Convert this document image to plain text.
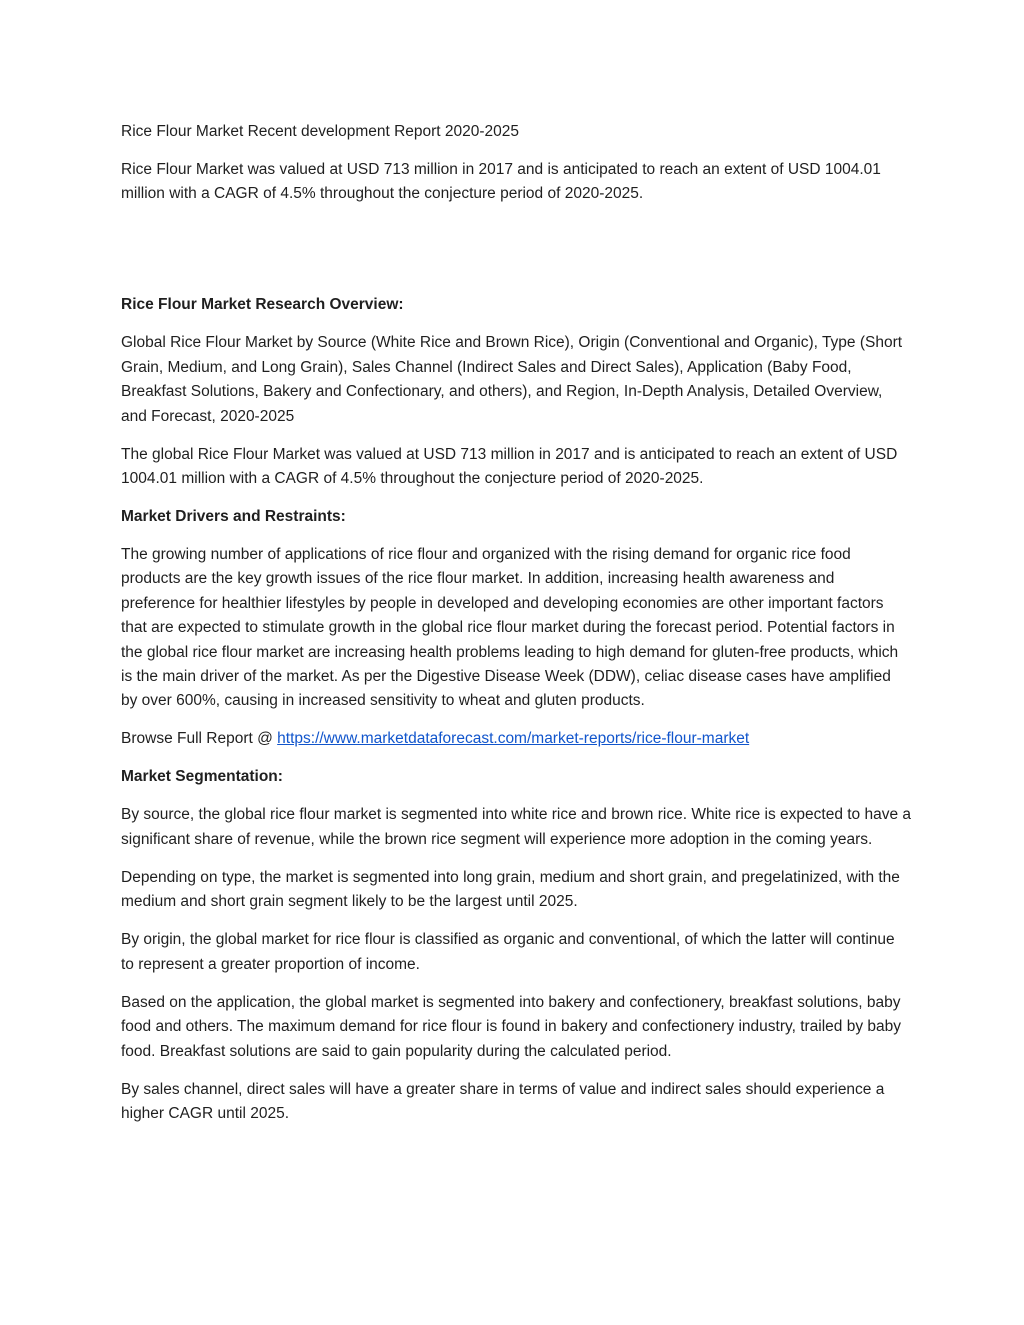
Rice Flour Market Recent development Report 2020-2025

Rice Flour Market was valued at USD 713 million in 2017 and is anticipated to reach an extent of USD 1004.01 million with a CAGR of 4.5% throughout the conjecture period of 2020-2025.

Rice Flour Market Research Overview:

Global Rice Flour Market by Source (White Rice and Brown Rice), Origin (Conventional and Organic), Type (Short Grain, Medium, and Long Grain), Sales Channel (Indirect Sales and Direct Sales), Application (Baby Food, Breakfast Solutions, Bakery and Confectionary, and others), and Region, In-Depth Analysis, Detailed Overview, and Forecast, 2020-2025

The global Rice Flour Market was valued at USD 713 million in 2017 and is anticipated to reach an extent of USD 1004.01 million with a CAGR of 4.5% throughout the conjecture period of 2020-2025.

Market Drivers and Restraints:

The growing number of applications of rice flour and organized with the rising demand for organic rice food products are the key growth issues of the rice flour market. In addition, increasing health awareness and preference for healthier lifestyles by people in developed and developing economies are other important factors that are expected to stimulate growth in the global rice flour market during the forecast period. Potential factors in the global rice flour market are increasing health problems leading to high demand for gluten-free products, which is the main driver of the market. As per the Digestive Disease Week (DDW), celiac disease cases have amplified by over 600%, causing in increased sensitivity to wheat and gluten products.

Browse Full Report @ https://www.marketdataforecast.com/market-reports/rice-flour-market

Market Segmentation:

By source, the global rice flour market is segmented into white rice and brown rice. White rice is expected to have a significant share of revenue, while the brown rice segment will experience more adoption in the coming years.

Depending on type, the market is segmented into long grain, medium and short grain, and pregelatinized, with the medium and short grain segment likely to be the largest until 2025.

By origin, the global market for rice flour is classified as organic and conventional, of which the latter will continue to represent a greater proportion of income.

Based on the application, the global market is segmented into bakery and confectionery, breakfast solutions, baby food and others. The maximum demand for rice flour is found in bakery and confectionery industry, trailed by baby food. Breakfast solutions are said to gain popularity during the calculated period.

By sales channel, direct sales will have a greater share in terms of value and indirect sales should experience a higher CAGR until 2025.
